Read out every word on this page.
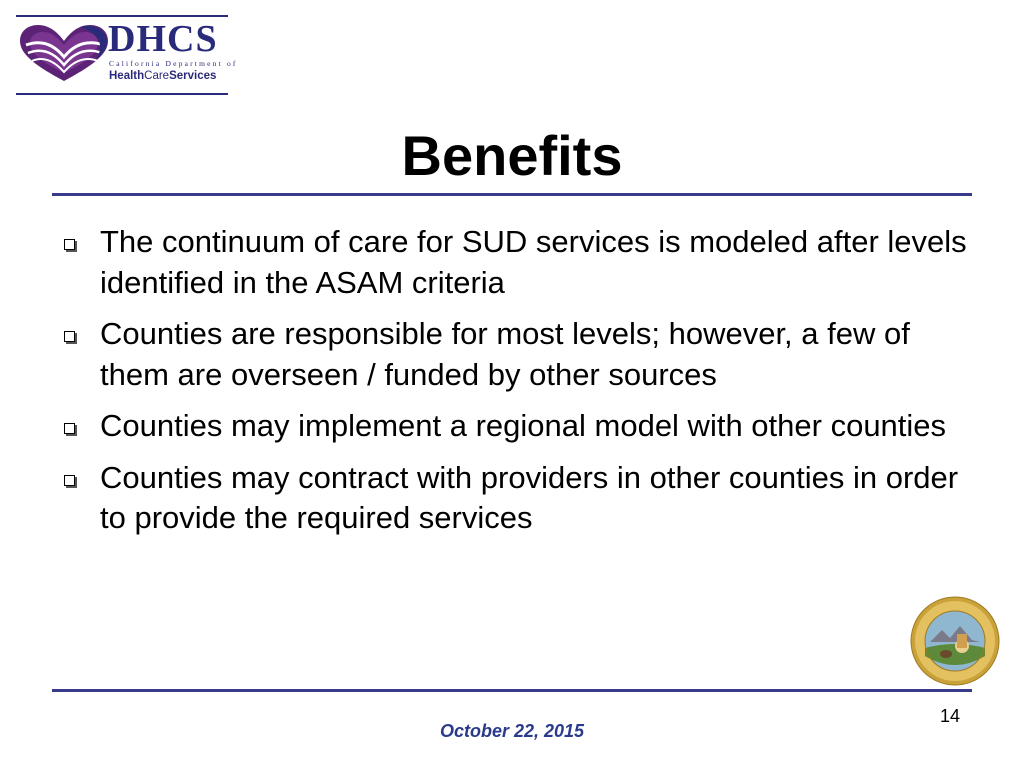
DHCS
California Department of
HealthCareServices
Benefits
The continuum of care for SUD services is modeled after levels identified in the ASAM criteria
Counties are responsible for most levels; however, a few of them are overseen / funded by other sources
Counties may implement a regional model with other counties
Counties may contract with providers in other counties in order to provide the required services
14
October 22, 2015
